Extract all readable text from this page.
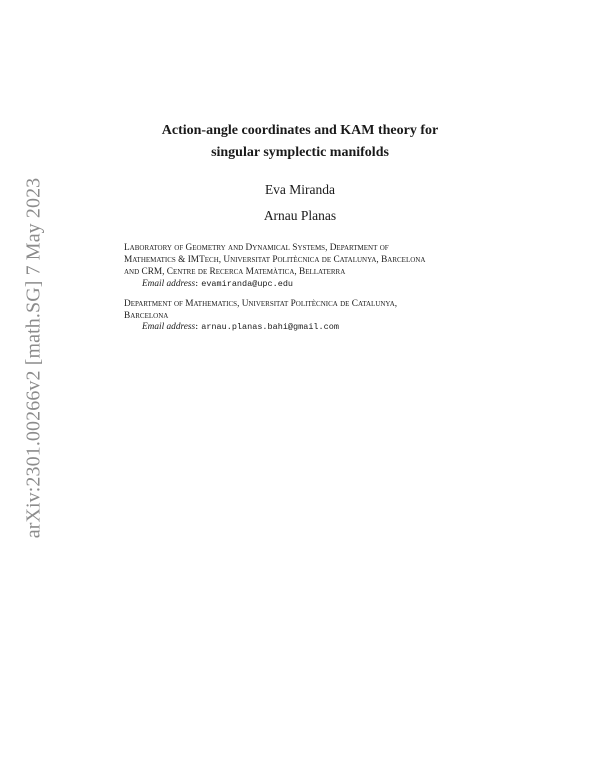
arXiv:2301.00266v2 [math.SG] 7 May 2023
Action-angle coordinates and KAM theory for
singular symplectic manifolds
Eva Miranda
Arnau Planas
Laboratory of Geometry and Dynamical Systems, Department of
Mathematics & IMTech, Universitat Politècnica de Catalunya, Barcelona
and CRM, Centre de Recerca Matemàtica, Bellaterra
Email address: evamiranda@upc.edu
Department of Mathematics, Universitat Politècnica de Catalunya,
Barcelona
Email address: arnau.planas.bahi@gmail.com
